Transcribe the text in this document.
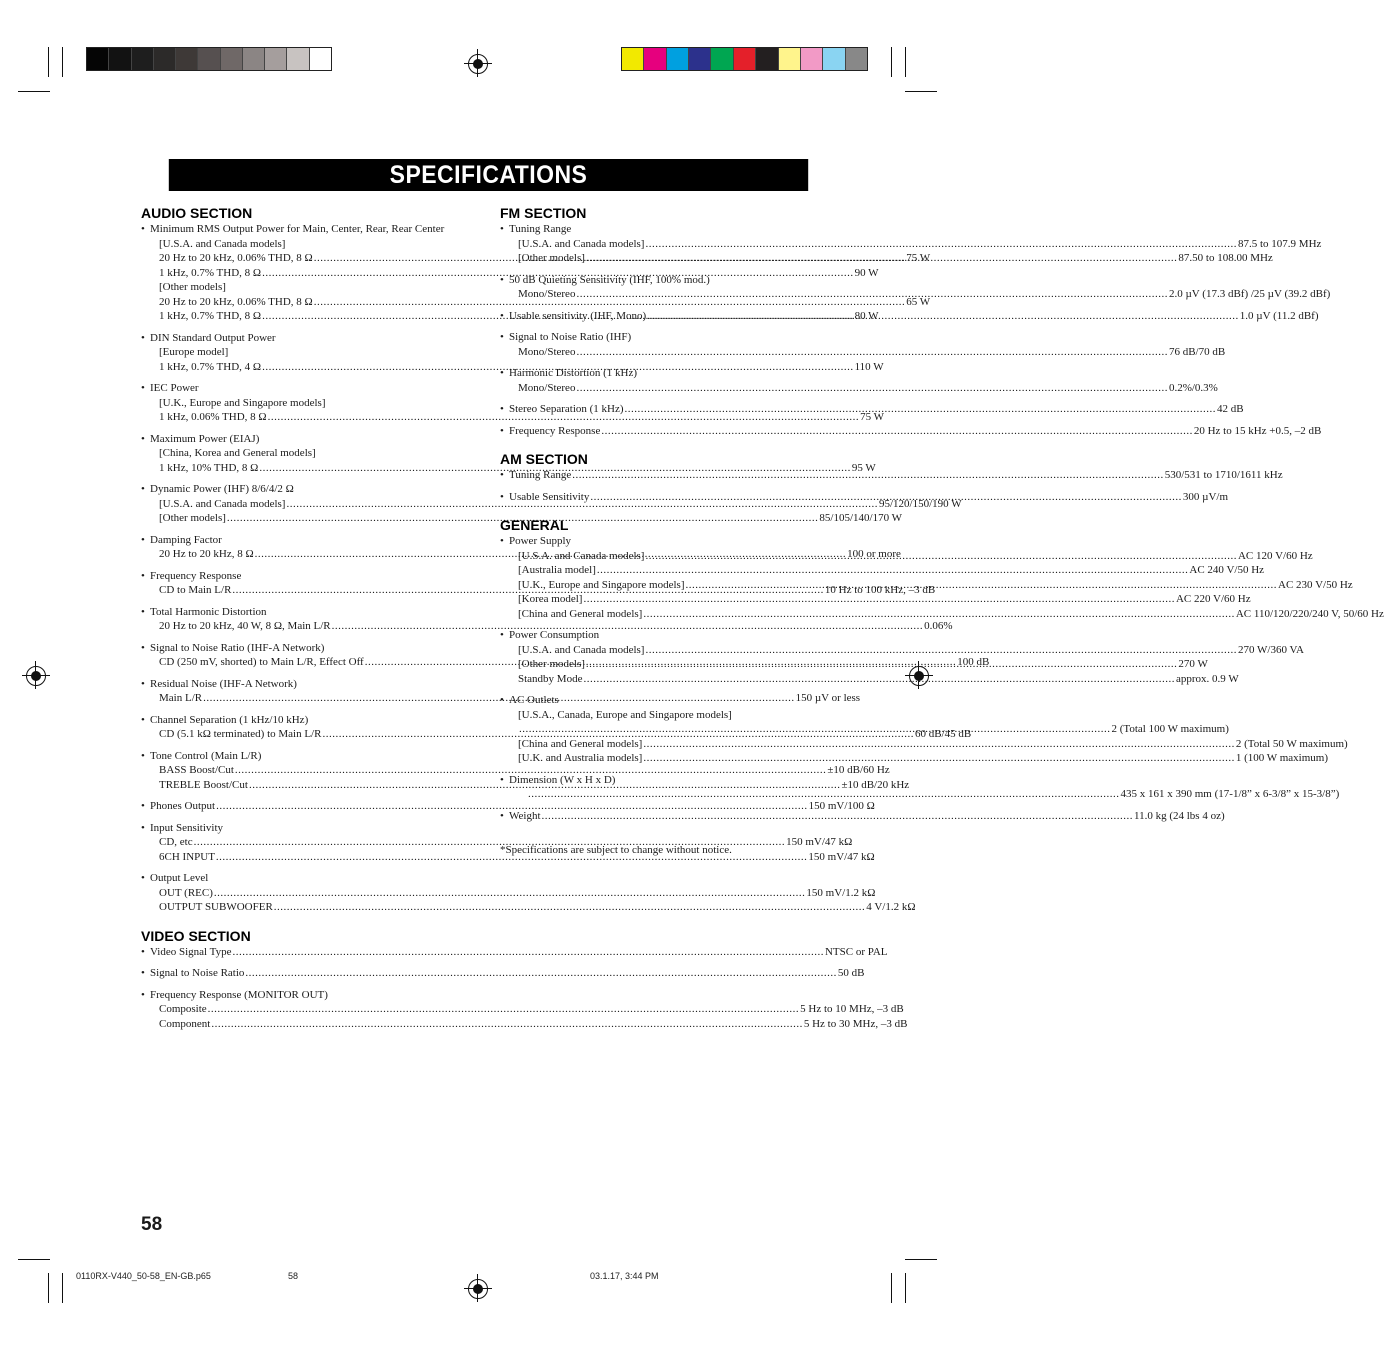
SPECIFICATIONS
AUDIO SECTION
• Minimum RMS Output Power for Main, Center, Rear, Rear Center
[U.S.A. and Canada models]
20 Hz to 20 kHz, 0.06% THD, 8 Ω .....	75 W
1 kHz, 0.7% THD, 8 Ω .....	90 W
[Other models]
20 Hz to 20 kHz, 0.06% THD, 8 Ω .....	65 W
1 kHz, 0.7% THD, 8 Ω .....	80 W
• DIN Standard Output Power
[Europe model]
1 kHz, 0.7% THD, 4 Ω .....	110 W
• IEC Power
[U.K., Europe and Singapore models]
1 kHz, 0.06% THD, 8 Ω .....	75 W
• Maximum Power (EIAJ)
[China, Korea and General models]
1 kHz, 10% THD, 8 Ω .....	95 W
• Dynamic Power (IHF) 8/6/4/2 Ω
[U.S.A. and Canada models] .....	95/120/150/190 W
[Other models] .....	85/105/140/170 W
• Damping Factor
20 Hz to 20 kHz, 8 Ω .....	100 or more
• Frequency Response
CD to Main L/R .....	10 Hz to 100 kHz, –3 dB
• Total Harmonic Distortion
20 Hz to 20 kHz, 40 W, 8 Ω, Main L/R .....	0.06%
• Signal to Noise Ratio (IHF-A Network)
CD (250 mV, shorted) to Main L/R, Effect Off .....	100 dB
• Residual Noise (IHF-A Network)
Main L/R .....	150 µV or less
• Channel Separation (1 kHz/10 kHz)
CD (5.1 kΩ terminated) to Main L/R .....	60 dB/45 dB
• Tone Control (Main L/R)
BASS Boost/Cut .....	±10 dB/60 Hz
TREBLE Boost/Cut .....	±10 dB/20 kHz
• Phones Output .....	150 mV/100 Ω
• Input Sensitivity
CD, etc .....	150 mV/47 kΩ
6CH INPUT .....	150 mV/47 kΩ
• Output Level
OUT (REC) .....	150 mV/1.2 kΩ
OUTPUT SUBWOOFER .....	4 V/1.2 kΩ
VIDEO SECTION
• Video Signal Type .....	NTSC or PAL
• Signal to Noise Ratio .....	50 dB
• Frequency Response (MONITOR OUT)
Composite .....	5 Hz to 10 MHz, –3 dB
Component .....	5 Hz to 30 MHz, –3 dB
FM SECTION
• Tuning Range
[U.S.A. and Canada models] .....	87.5 to 107.9 MHz
[Other models] .....	87.50 to 108.00 MHz
• 50 dB Quieting Sensitivity (IHF, 100% mod.)
Mono/Stereo .....	2.0 µV (17.3 dBf) /25 µV (39.2 dBf)
• Usable sensitivity (IHF, Mono) .....	1.0 µV (11.2 dBf)
• Signal to Noise Ratio (IHF)
Mono/Stereo .....	76 dB/70 dB
• Harmonic Distortion (1 kHz)
Mono/Stereo .....	0.2%/0.3%
• Stereo Separation (1 kHz) .....	42 dB
• Frequency Response .....	20 Hz to 15 kHz +0.5, –2 dB
AM SECTION
• Tuning Range .....	530/531 to 1710/1611 kHz
• Usable Sensitivity .....	300 µV/m
GENERAL
• Power Supply
[U.S.A. and Canada models] .....	AC 120 V/60 Hz
[Australia model] .....	AC 240 V/50 Hz
[U.K., Europe and Singapore models] .....	AC 230 V/50 Hz
[Korea model] .....	AC 220 V/60 Hz
[China and General models] .....	AC 110/120/220/240 V, 50/60 Hz
• Power Consumption
[U.S.A. and Canada models] .....	270 W/360 VA
[Other models] .....	270 W
Standby Mode .....	approx. 0.9 W
• AC Outlets
[U.S.A., Canada, Europe and Singapore models]
.....
2 (Total 100 W maximum)
[China and General models] .....	2 (Total 50 W maximum)
[U.K. and Australia models] .....	1 (100 W maximum)
• Dimension (W x H x D)
.....
435 x 161 x 390 mm (17-1/8” x 6-3/8” x 15-3/8”)
• Weight .....	11.0 kg (24 lbs 4 oz)
*Specifications are subject to change without notice.
58
0110RX-V440_50-58_EN-GB.p65	58	03.1.17, 3:44 PM
